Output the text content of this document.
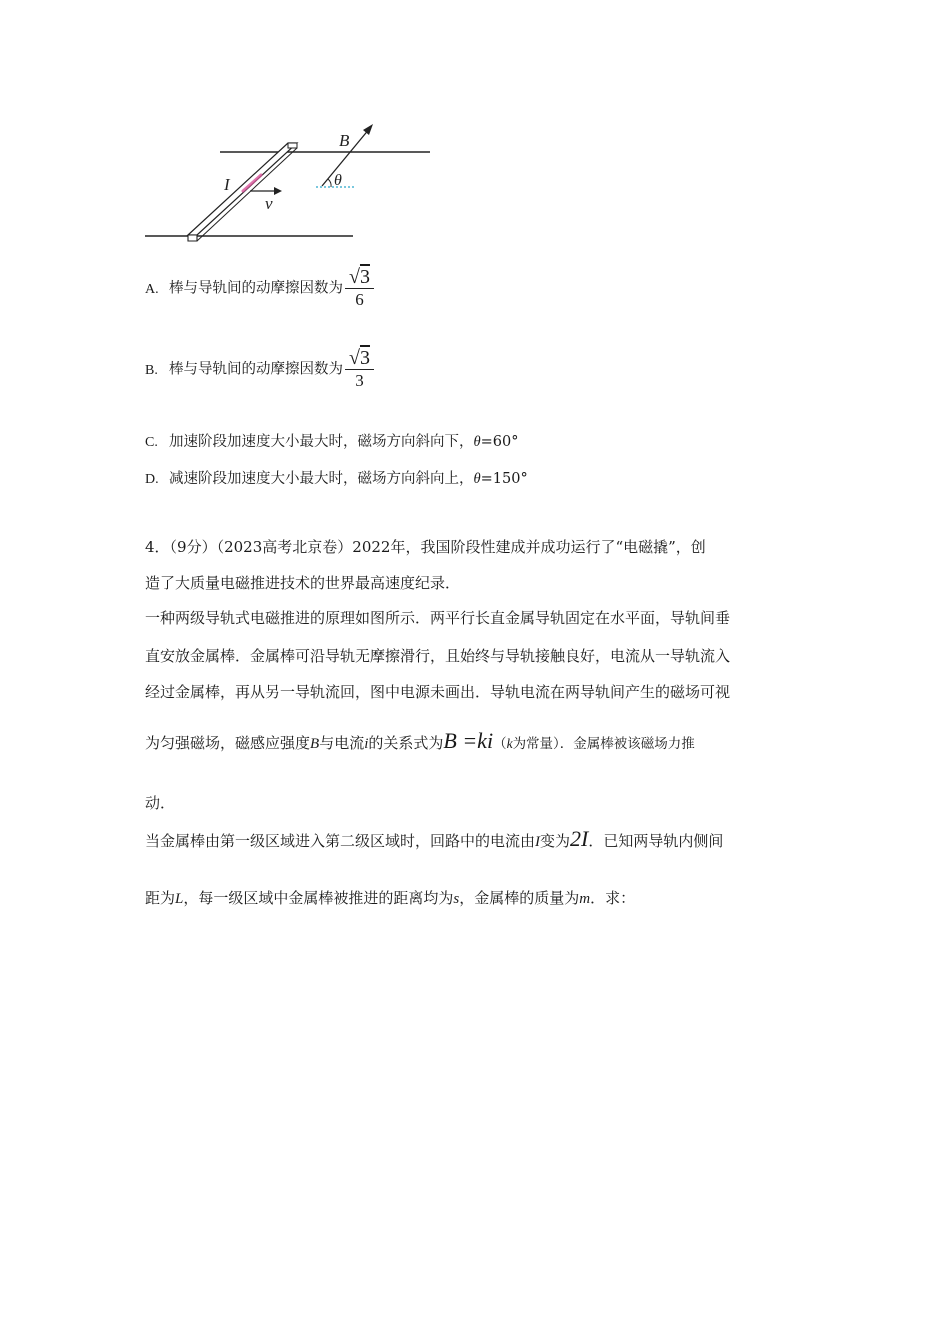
B
θ
I
v
A. 棒与导轨间的动摩擦因数为 $\frac{√3}{6}$
B. 棒与导轨间的动摩擦因数为 $\frac{√3}{3}$
C. 加速阶段加速度大小最大时，磁场方向斜向下，θ=60°
D. 减速阶段加速度大小最大时，磁场方向斜向上，θ=150°
4．（9分）（2023高考北京卷）2022年，我国阶段性建成并成功运行了“电磁撬”，创
造了大质量电磁推进技术的世界最高速度纪录．
一种两级导轨式电磁推进的原理如图所示．两平行长直金属导轨固定在水平面，导轨间垂
直安放金属棒．金属棒可沿导轨无摩擦滑行，且始终与导轨接触良好，电流从一导轨流入
经过金属棒，再从另一导轨流回，图中电源未画出．导轨电流在两导轨间产生的磁场可视
为匀强磁场，磁感应强度B与电流i的关系式为B =ki（k为常量）．金属棒被该磁场力推
动．
当金属棒由第一级区域进入第二级区域时，回路中的电流由I变为2I．已知两导轨内侧间
距为L，每一级区域中金属棒被推进的距离均为s，金属棒的质量为m．求：
